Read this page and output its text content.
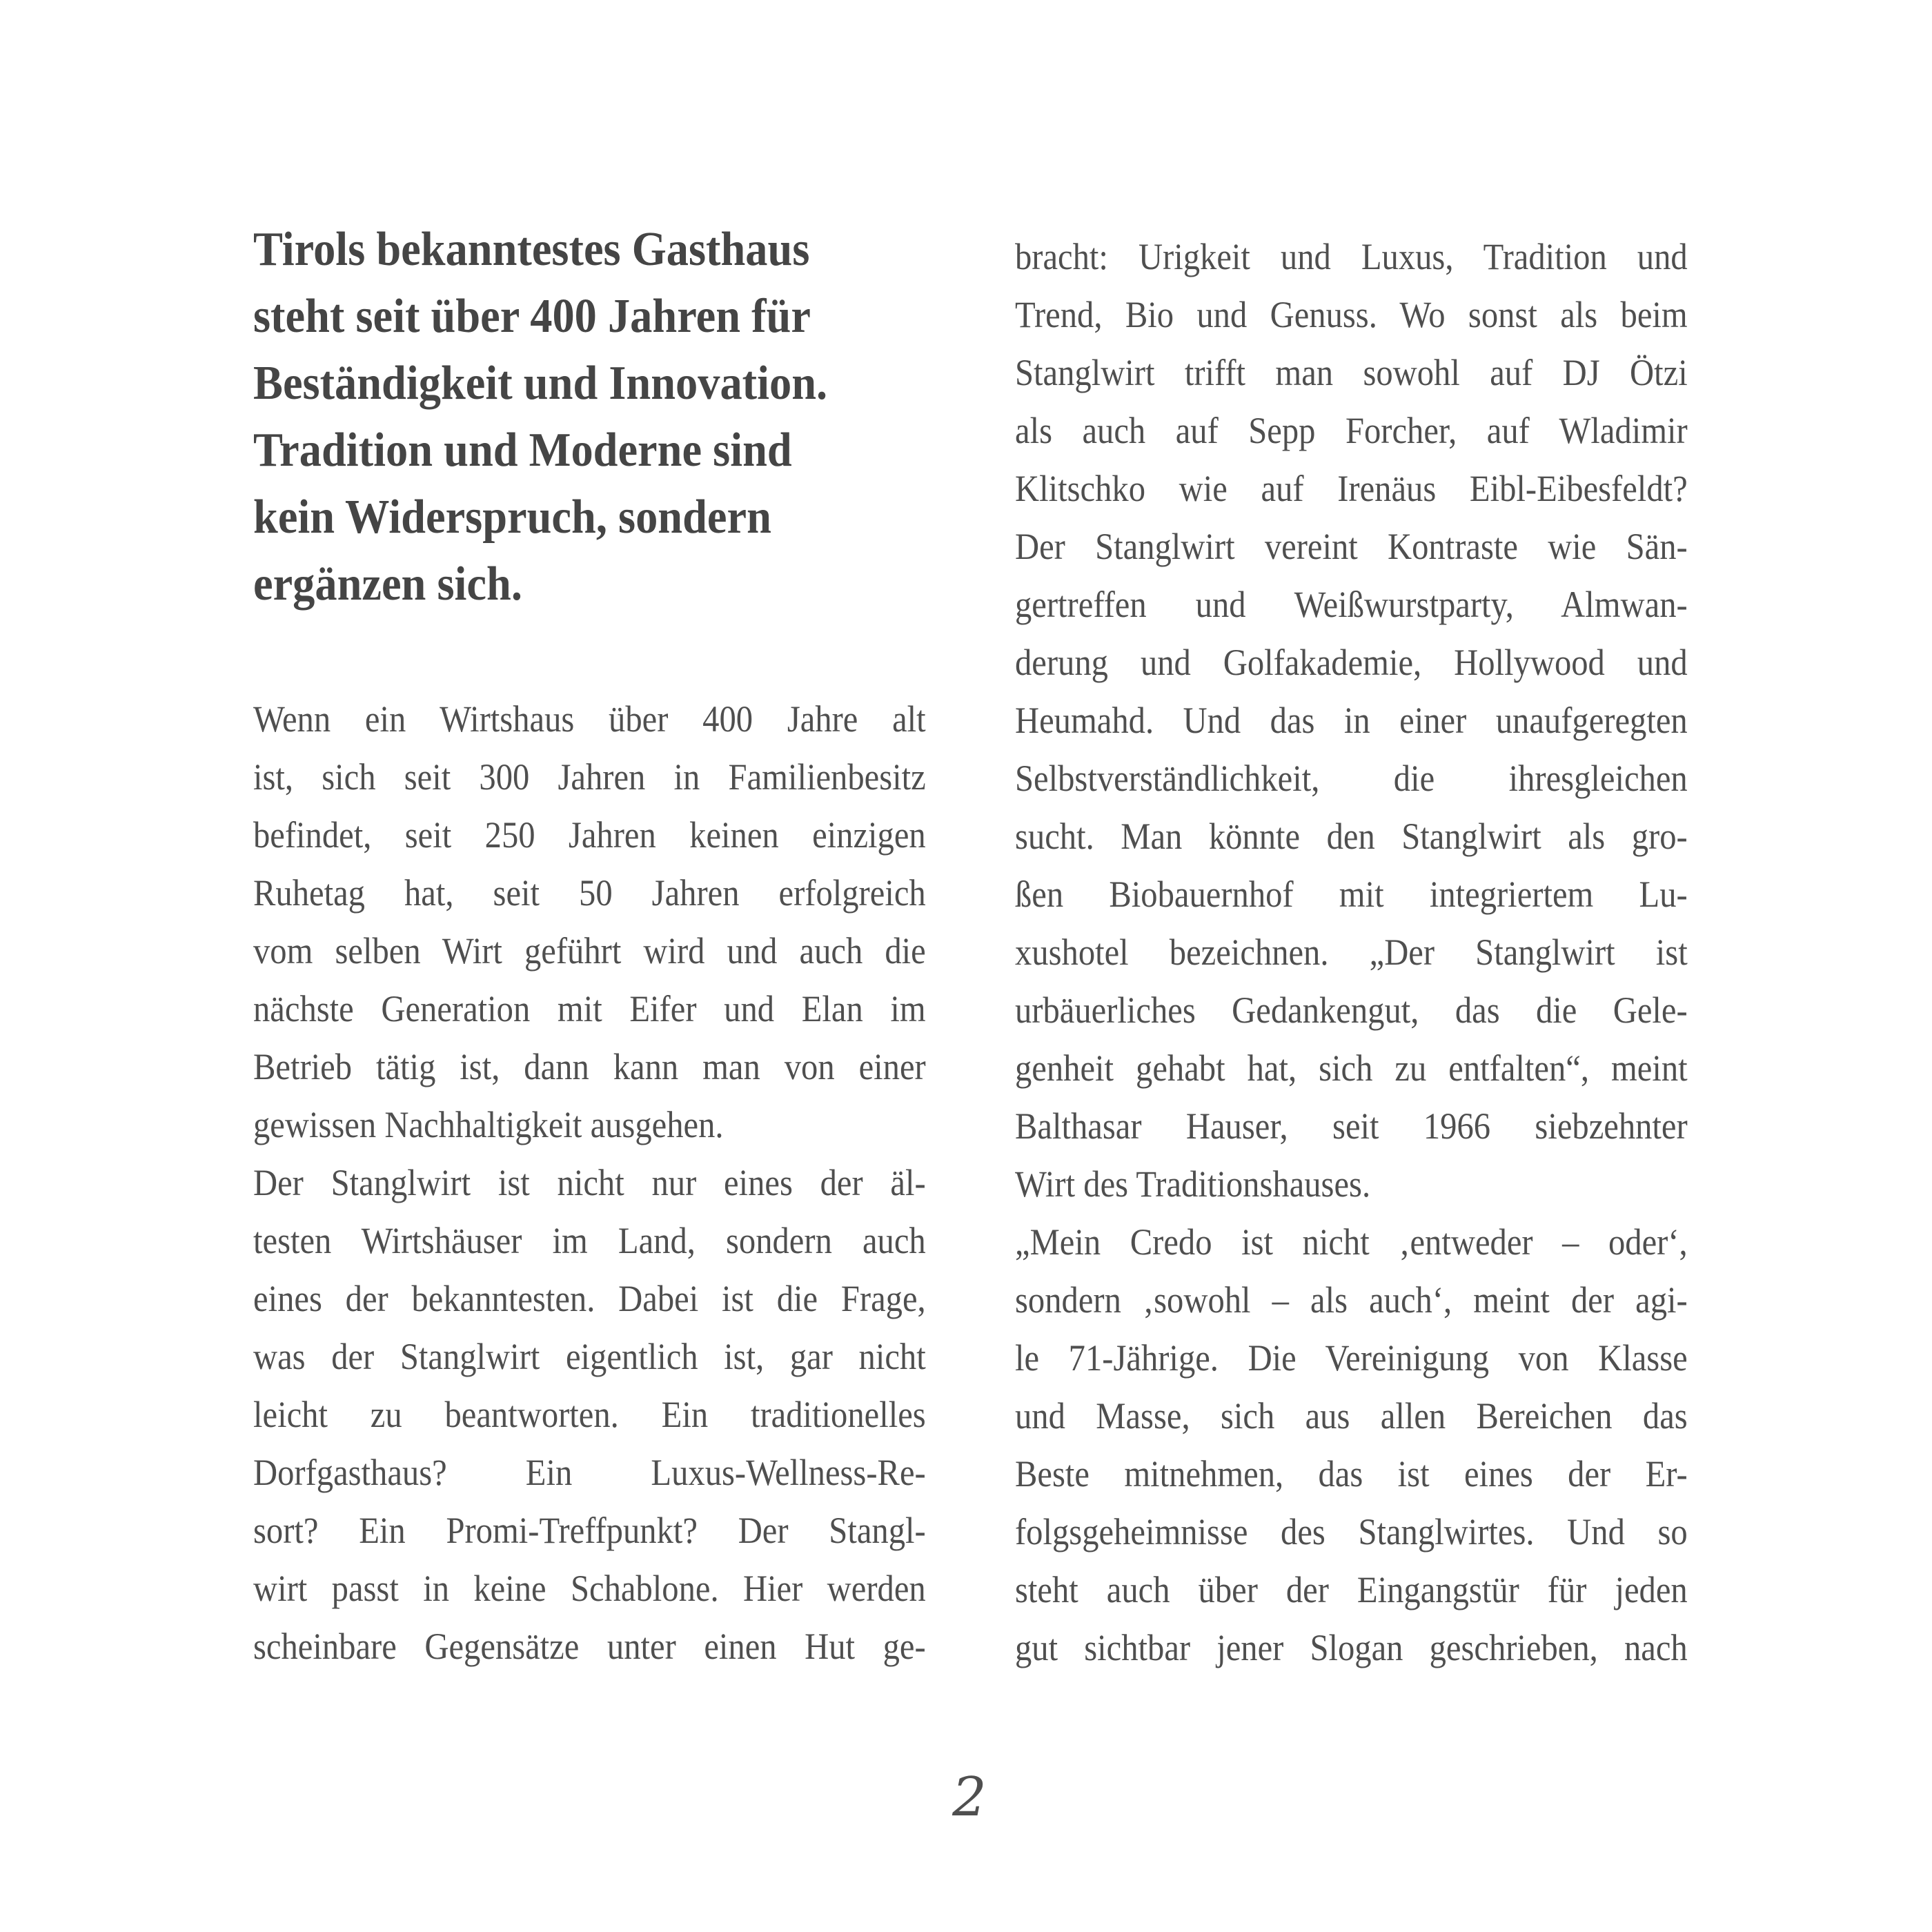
Tirols bekanntestes Gasthaus
steht seit über 400 Jahren für
Beständigkeit und Innovation.
Tradition und Moderne sind
kein Widerspruch, sondern
ergänzen sich.
Wenn ein Wirtshaus über 400 Jahre alt
ist, sich seit 300 Jahren in Familienbesitz
befindet, seit 250 Jahren keinen einzigen
Ruhetag hat, seit 50 Jahren erfolgreich
vom selben Wirt geführt wird und auch die
nächste Generation mit Eifer und Elan im
Betrieb tätig ist, dann kann man von einer
gewissen Nachhaltigkeit ausgehen.
Der Stanglwirt ist nicht nur eines der äl-
testen Wirtshäuser im Land, sondern auch
eines der bekanntesten. Dabei ist die Frage,
was der Stanglwirt eigentlich ist, gar nicht
leicht zu beantworten. Ein traditionelles
Dorfgasthaus? Ein Luxus-Wellness-Re-
sort? Ein Promi-Treffpunkt? Der Stangl-
wirt passt in keine Schablone. Hier werden
scheinbare Gegensätze unter einen Hut ge-
bracht: Urigkeit und Luxus, Tradition und
Trend, Bio und Genuss. Wo sonst als beim
Stanglwirt trifft man sowohl auf DJ Ötzi
als auch auf Sepp Forcher, auf Wladimir
Klitschko wie auf Irenäus Eibl-Eibesfeldt?
Der Stanglwirt vereint Kontraste wie Sän-
gertreffen und Weißwurstparty, Almwan-
derung und Golfakademie, Hollywood und
Heumahd. Und das in einer unaufgeregten
Selbstverständlichkeit, die ihresgleichen
sucht. Man könnte den Stanglwirt als gro-
ßen Biobauernhof mit integriertem Lu-
xushotel bezeichnen. „Der Stanglwirt ist
urbäuerliches Gedankengut, das die Gele-
genheit gehabt hat, sich zu entfalten“, meint
Balthasar Hauser, seit 1966 siebzehnter
Wirt des Traditionshauses.
„Mein Credo ist nicht ‚entweder – oder‘,
sondern ‚sowohl – als auch‘, meint der agi-
le 71-Jährige. Die Vereinigung von Klasse
und Masse, sich aus allen Bereichen das
Beste mitnehmen, das ist eines der Er-
folgsgeheimnisse des Stanglwirtes. Und so
steht auch über der Eingangstür für jeden
gut sichtbar jener Slogan geschrieben, nach
2
